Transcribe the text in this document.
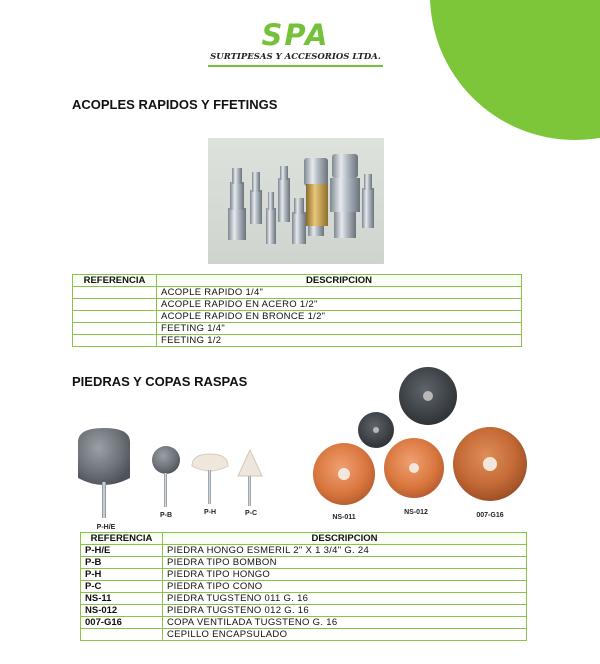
SPA
SURTIPESAS Y ACCESORIOS LTDA.
ACOPLES RAPIDOS Y FFETINGS
REFERENCIA	DESCRIPCION
	ACOPLE RAPIDO 1/4"
	ACOPLE RAPIDO EN ACERO 1/2"
	ACOPLE RAPIDO EN BRONCE 1/2"
	FEETING 1/4"
	FEETING 1/2
PIEDRAS Y COPAS RASPAS
P-H/E
P-B	P-H	P-C
NS-011
NS-012	007-G16
REFERENCIA	DESCRIPCION
P-H/E	PIEDRA HONGO ESMERIL 2" X 1 3/4" G. 24
P-B	PIEDRA TIPO BOMBON
P-H	PIEDRA TIPO HONGO
P-C	PIEDRA TIPO CONO
NS-11	PIEDRA TUGSTENO 011 G. 16
NS-012	PIEDRA TUGSTENO 012 G. 16
007-G16	COPA VENTILADA TUGSTENO G. 16
	CEPILLO ENCAPSULADO
